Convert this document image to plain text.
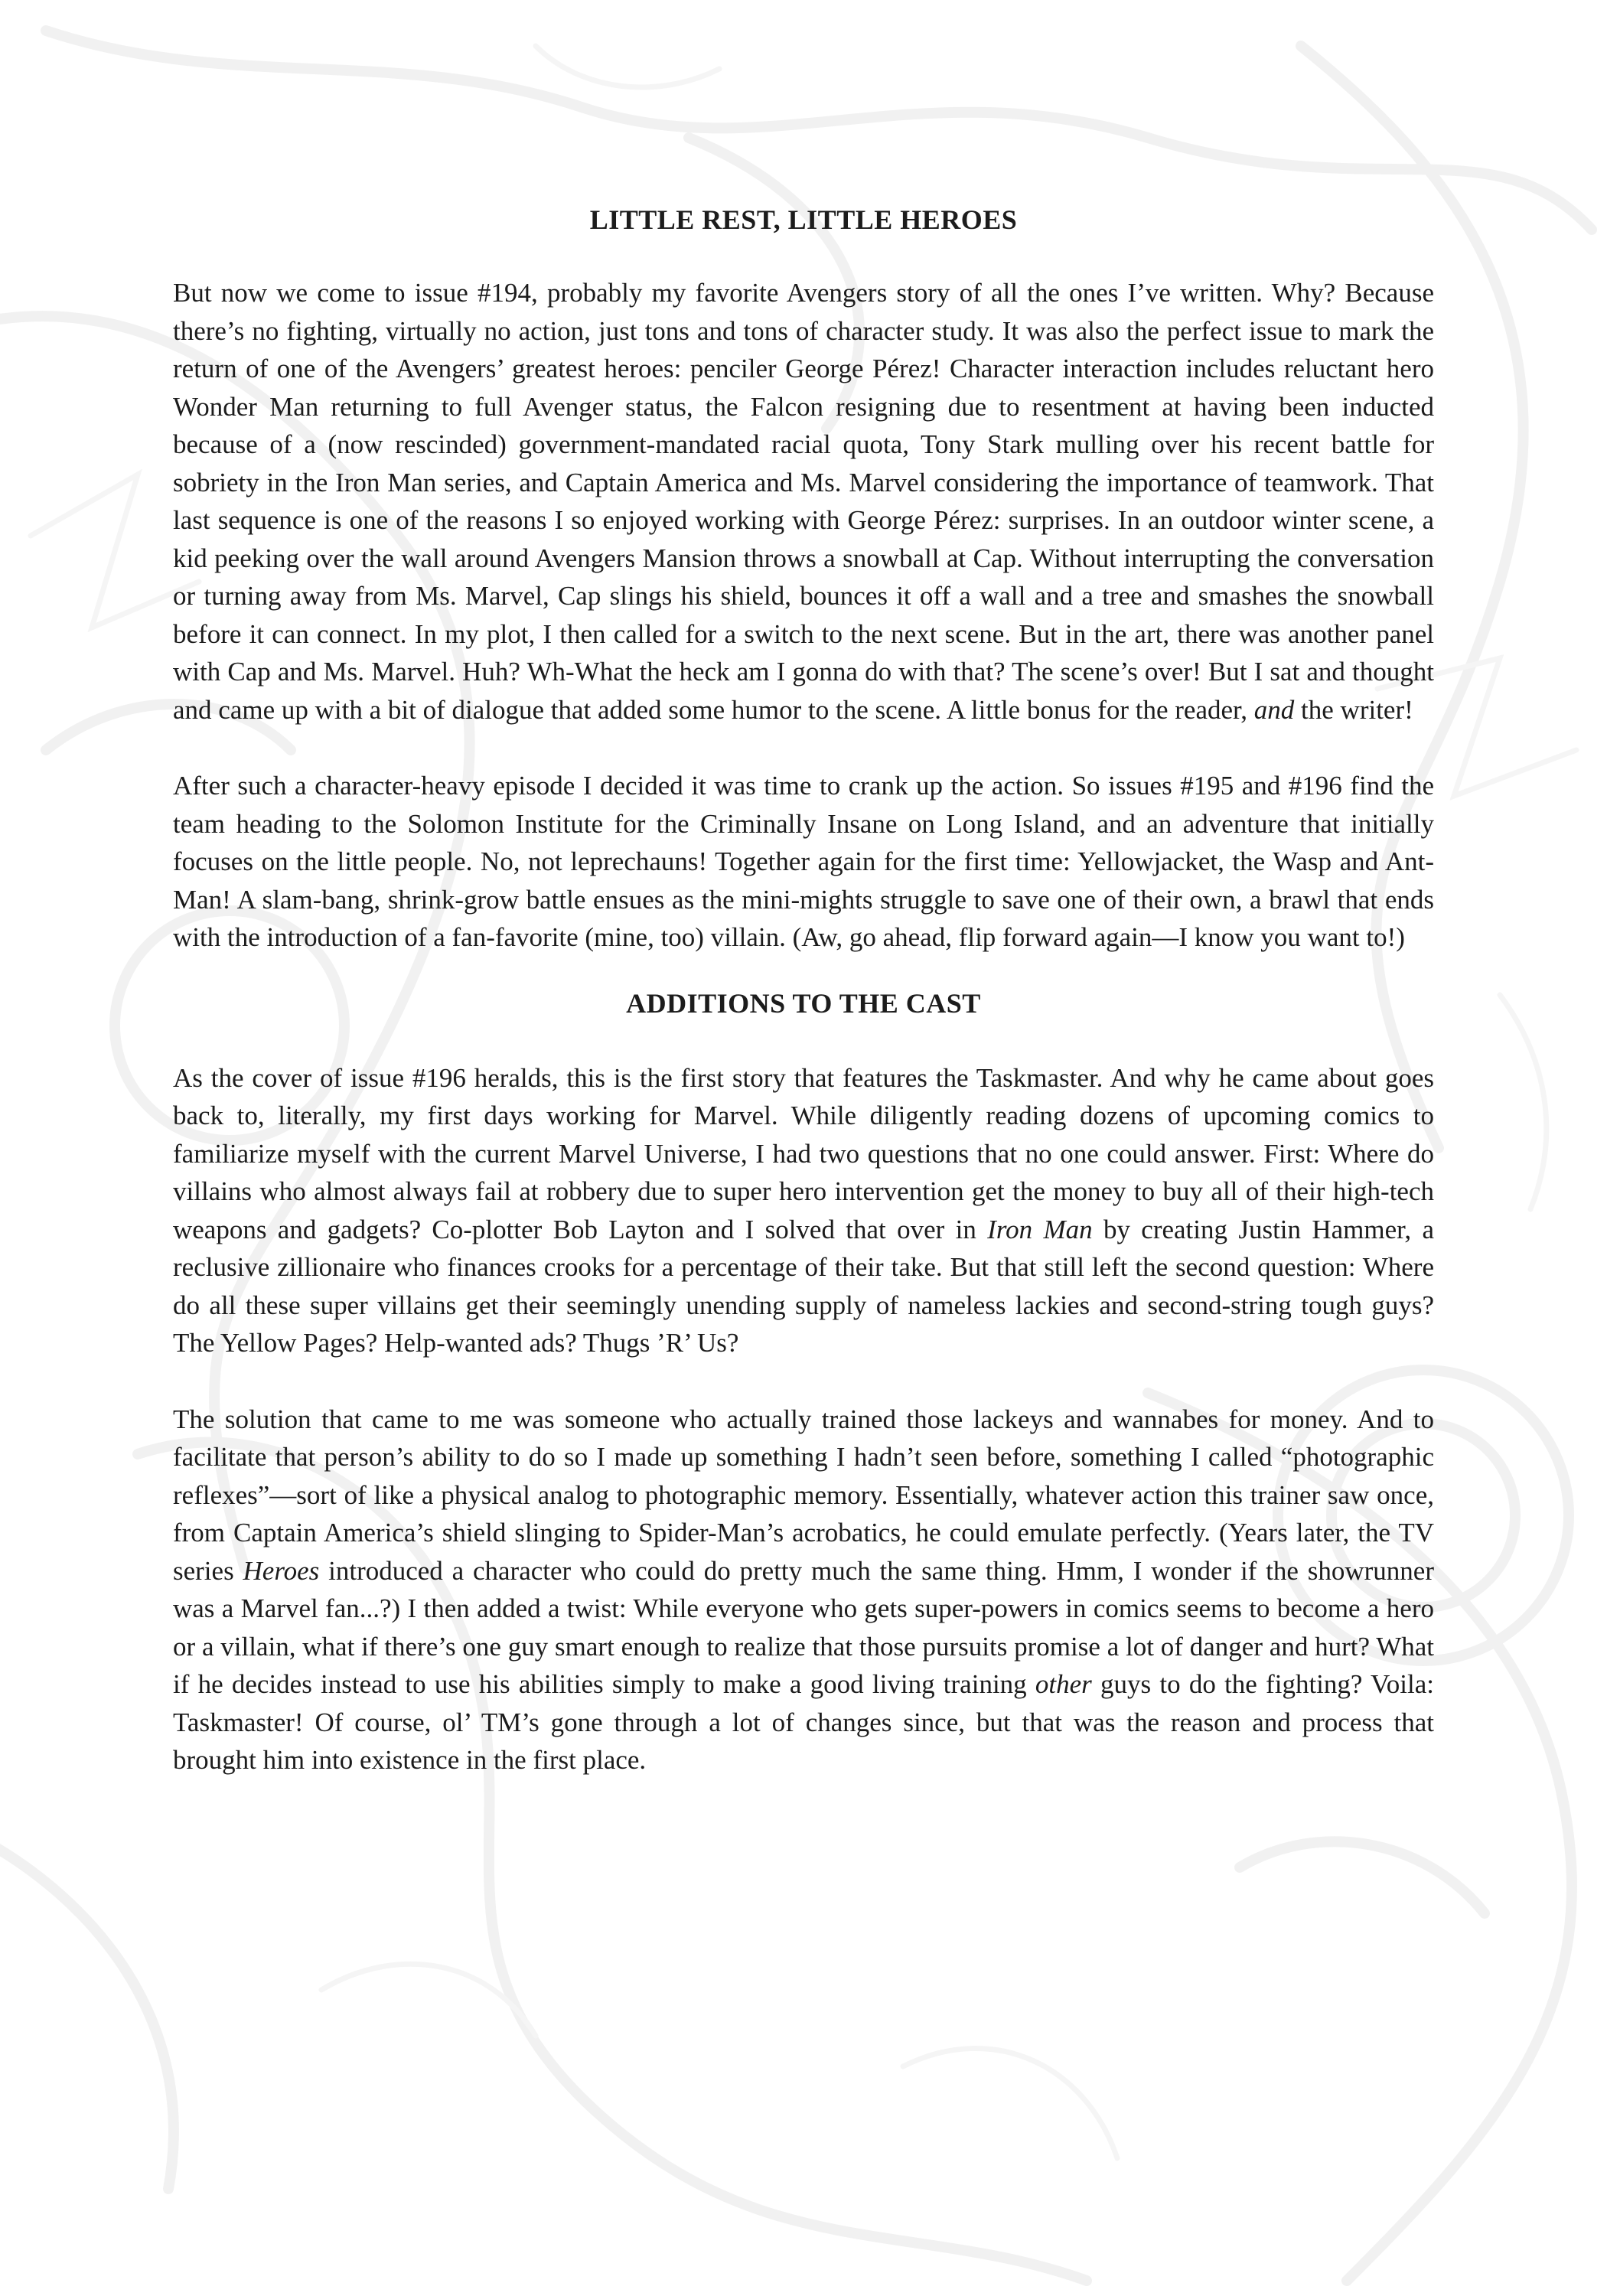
LITTLE REST, LITTLE HEROES

But now we come to issue #194, probably my favorite Avengers story of all the ones I’ve written. Why? Because there’s no fighting, virtually no action, just tons and tons of character study. It was also the perfect issue to mark the return of one of the Avengers’ greatest heroes: penciler George Pérez! Character interaction includes reluctant hero Wonder Man returning to full Avenger status, the Falcon resigning due to resentment at having been inducted because of a (now rescinded) government-mandated racial quota, Tony Stark mulling over his recent battle for sobriety in the Iron Man series, and Captain America and Ms. Marvel considering the importance of teamwork. That last sequence is one of the reasons I so enjoyed working with George Pérez: surprises. In an outdoor winter scene, a kid peeking over the wall around Avengers Mansion throws a snowball at Cap. Without interrupting the conversation or turning away from Ms. Marvel, Cap slings his shield, bounces it off a wall and a tree and smashes the snowball before it can connect. In my plot, I then called for a switch to the next scene. But in the art, there was another panel with Cap and Ms. Marvel. Huh? Wh-What the heck am I gonna do with that? The scene’s over! But I sat and thought and came up with a bit of dialogue that added some humor to the scene. A little bonus for the reader, and the writer!

After such a character-heavy episode I decided it was time to crank up the action. So issues #195 and #196 find the team heading to the Solomon Institute for the Criminally Insane on Long Island, and an adventure that initially focuses on the little people. No, not leprechauns! Together again for the first time: Yellowjacket, the Wasp and Ant-Man! A slam-bang, shrink-grow battle ensues as the mini-mights struggle to save one of their own, a brawl that ends with the introduction of a fan-favorite (mine, too) villain. (Aw, go ahead, flip forward again—I know you want to!)

ADDITIONS TO THE CAST

As the cover of issue #196 heralds, this is the first story that features the Taskmaster. And why he came about goes back to, literally, my first days working for Marvel. While diligently reading dozens of upcoming comics to familiarize myself with the current Marvel Universe, I had two questions that no one could answer. First: Where do villains who almost always fail at robbery due to super hero intervention get the money to buy all of their high-tech weapons and gadgets? Co-plotter Bob Layton and I solved that over in Iron Man by creating Justin Hammer, a reclusive zillionaire who finances crooks for a percentage of their take. But that still left the second question: Where do all these super villains get their seemingly unending supply of nameless lackies and second-string tough guys? The Yellow Pages? Help-wanted ads? Thugs ’R’ Us?

The solution that came to me was someone who actually trained those lackeys and wannabes for money. And to facilitate that person’s ability to do so I made up something I hadn’t seen before, something I called “photographic reflexes”—sort of like a physical analog to photographic memory. Essentially, whatever action this trainer saw once, from Captain America’s shield slinging to Spider-Man’s acrobatics, he could emulate perfectly. (Years later, the TV series Heroes introduced a character who could do pretty much the same thing. Hmm, I wonder if the showrunner was a Marvel fan...?) I then added a twist: While everyone who gets super-powers in comics seems to become a hero or a villain, what if there’s one guy smart enough to realize that those pursuits promise a lot of danger and hurt? What if he decides instead to use his abilities simply to make a good living training other guys to do the fighting? Voila: Taskmaster! Of course, ol’ TM’s gone through a lot of changes since, but that was the reason and process that brought him into existence in the first place.
